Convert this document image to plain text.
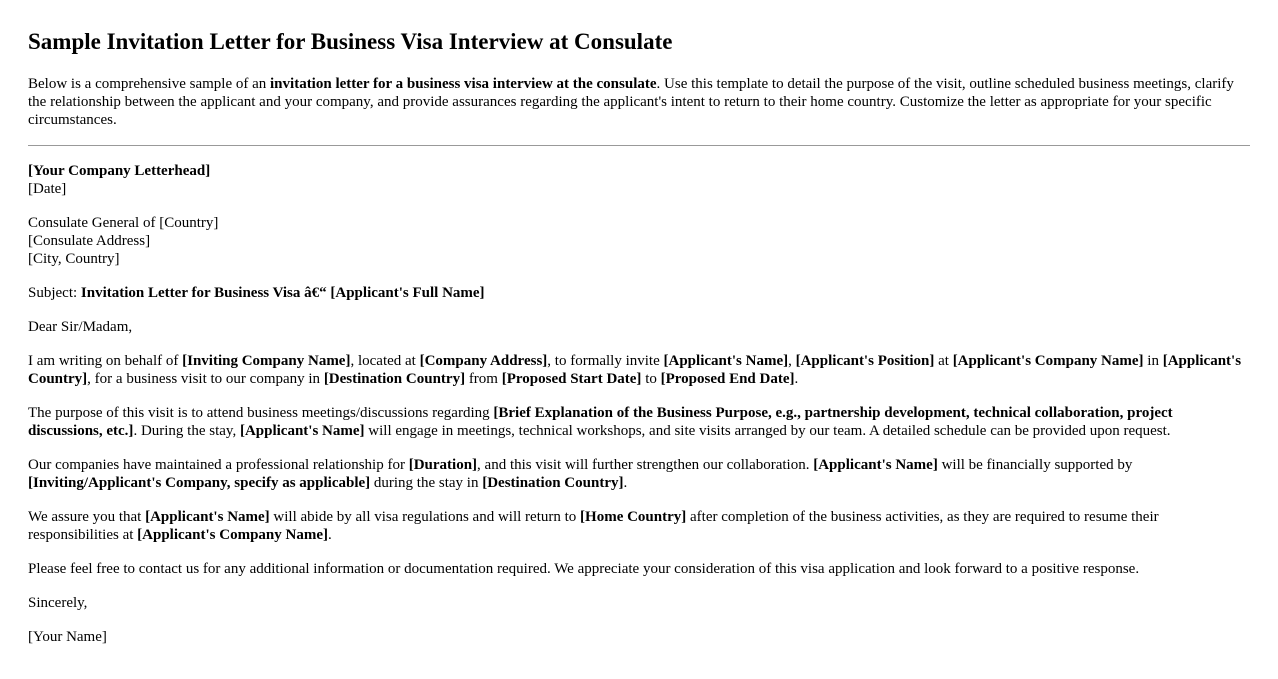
Sample Invitation Letter for Business Visa Interview at Consulate

Below is a comprehensive sample of an invitation letter for a business visa interview at the consulate. Use this template to detail the purpose of the visit, outline scheduled business meetings, clarify the relationship between the applicant and your company, and provide assurances regarding the applicant's intent to return to their home country. Customize the letter as appropriate for your specific circumstances.

[Your Company Letterhead]
[Date]

Consulate General of [Country]
[Consulate Address]
[City, Country]

Subject: Invitation Letter for Business Visa â€“ [Applicant's Full Name]

Dear Sir/Madam,

I am writing on behalf of [Inviting Company Name], located at [Company Address], to formally invite [Applicant's Name], [Applicant's Position] at [Applicant's Company Name] in [Applicant's Country], for a business visit to our company in [Destination Country] from [Proposed Start Date] to [Proposed End Date].

The purpose of this visit is to attend business meetings/discussions regarding [Brief Explanation of the Business Purpose, e.g., partnership development, technical collaboration, project discussions, etc.]. During the stay, [Applicant's Name] will engage in meetings, technical workshops, and site visits arranged by our team. A detailed schedule can be provided upon request.

Our companies have maintained a professional relationship for [Duration], and this visit will further strengthen our collaboration. [Applicant's Name] will be financially supported by [Inviting/Applicant's Company, specify as applicable] during the stay in [Destination Country].

We assure you that [Applicant's Name] will abide by all visa regulations and will return to [Home Country] after completion of the business activities, as they are required to resume their responsibilities at [Applicant's Company Name].

Please feel free to contact us for any additional information or documentation required. We appreciate your consideration of this visa application and look forward to a positive response.

Sincerely,

[Your Name]
